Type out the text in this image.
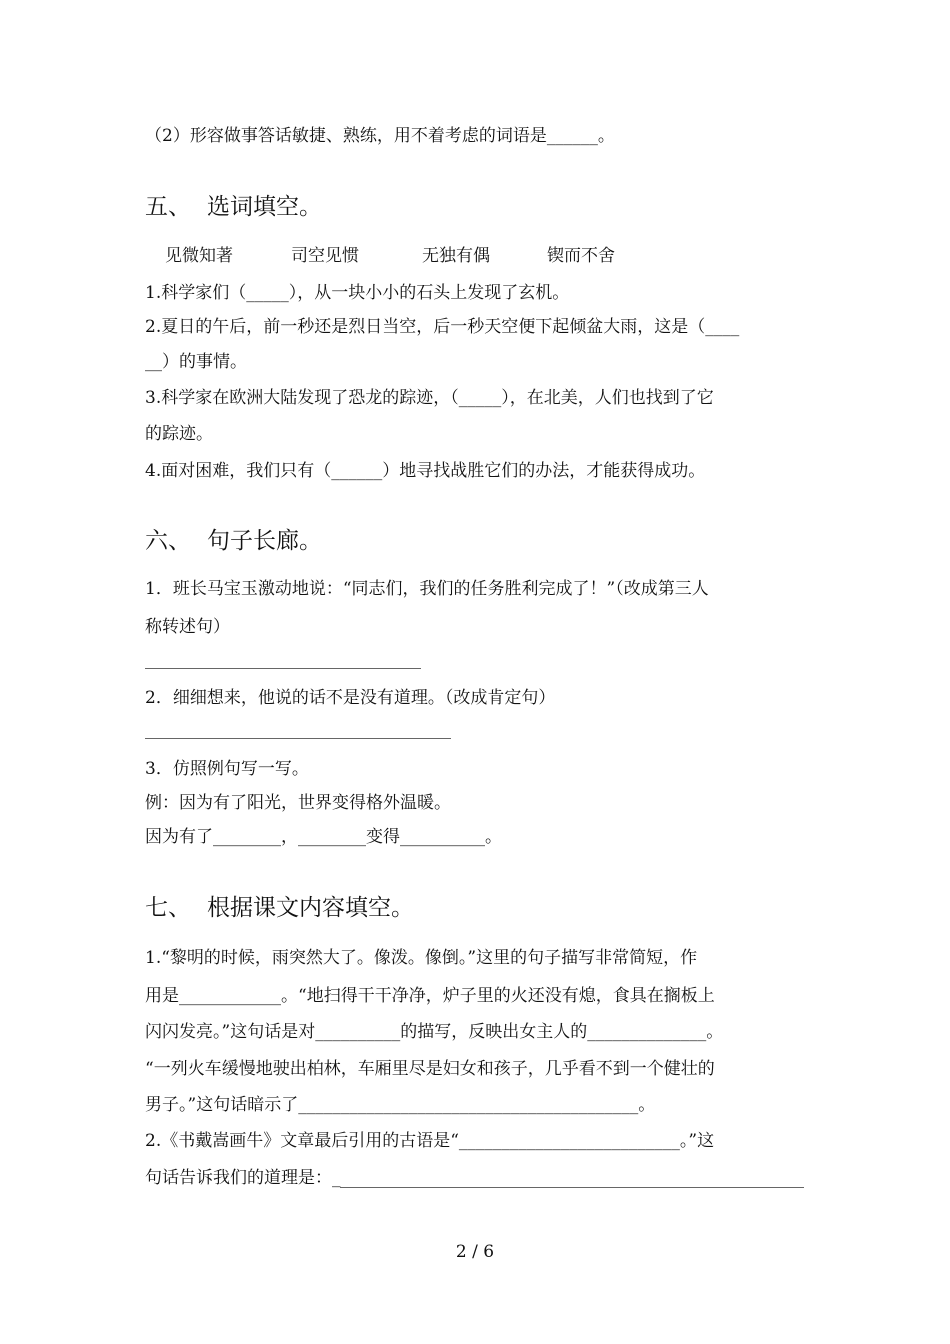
（2）形容做事答话敏捷、熟练，用不着考虑的词语是______。
五、 选词填空。
见微知著	司空见惯	无独有偶	锲而不舍
1.科学家们（_____），从一块小小的石头上发现了玄机。
2.夏日的午后，前一秒还是烈日当空，后一秒天空便下起倾盆大雨，这是（____
__）的事情。
3.科学家在欧洲大陆发现了恐龙的踪迹，（_____），在北美，人们也找到了它
的踪迹。
4.面对困难，我们只有（______）地寻找战胜它们的办法，才能获得成功。
六、 句子长廊。
1．班长马宝玉激动地说：“同志们，我们的任务胜利完成了！”（改成第三人
称转述句）
2．细细想来，他说的话不是没有道理。（改成肯定句）
3．仿照例句写一写。
例：因为有了阳光，世界变得格外温暖。
因为有了________，________变得__________。
七、 根据课文内容填空。
1.“黎明的时候，雨突然大了。像泼。像倒。”这里的句子描写非常简短，作
用是____________。“地扫得干干净净，炉子里的火还没有熄，食具在搁板上
闪闪发亮。”这句话是对__________的描写，反映出女主人的______________。
“一列火车缓慢地驶出柏林，车厢里尽是妇女和孩子，几乎看不到一个健壮的
男子。”这句话暗示了________________________________________。
2.《书戴嵩画牛》文章最后引用的古语是“__________________________。”这
句话告诉我们的道理是：_
2 / 6
